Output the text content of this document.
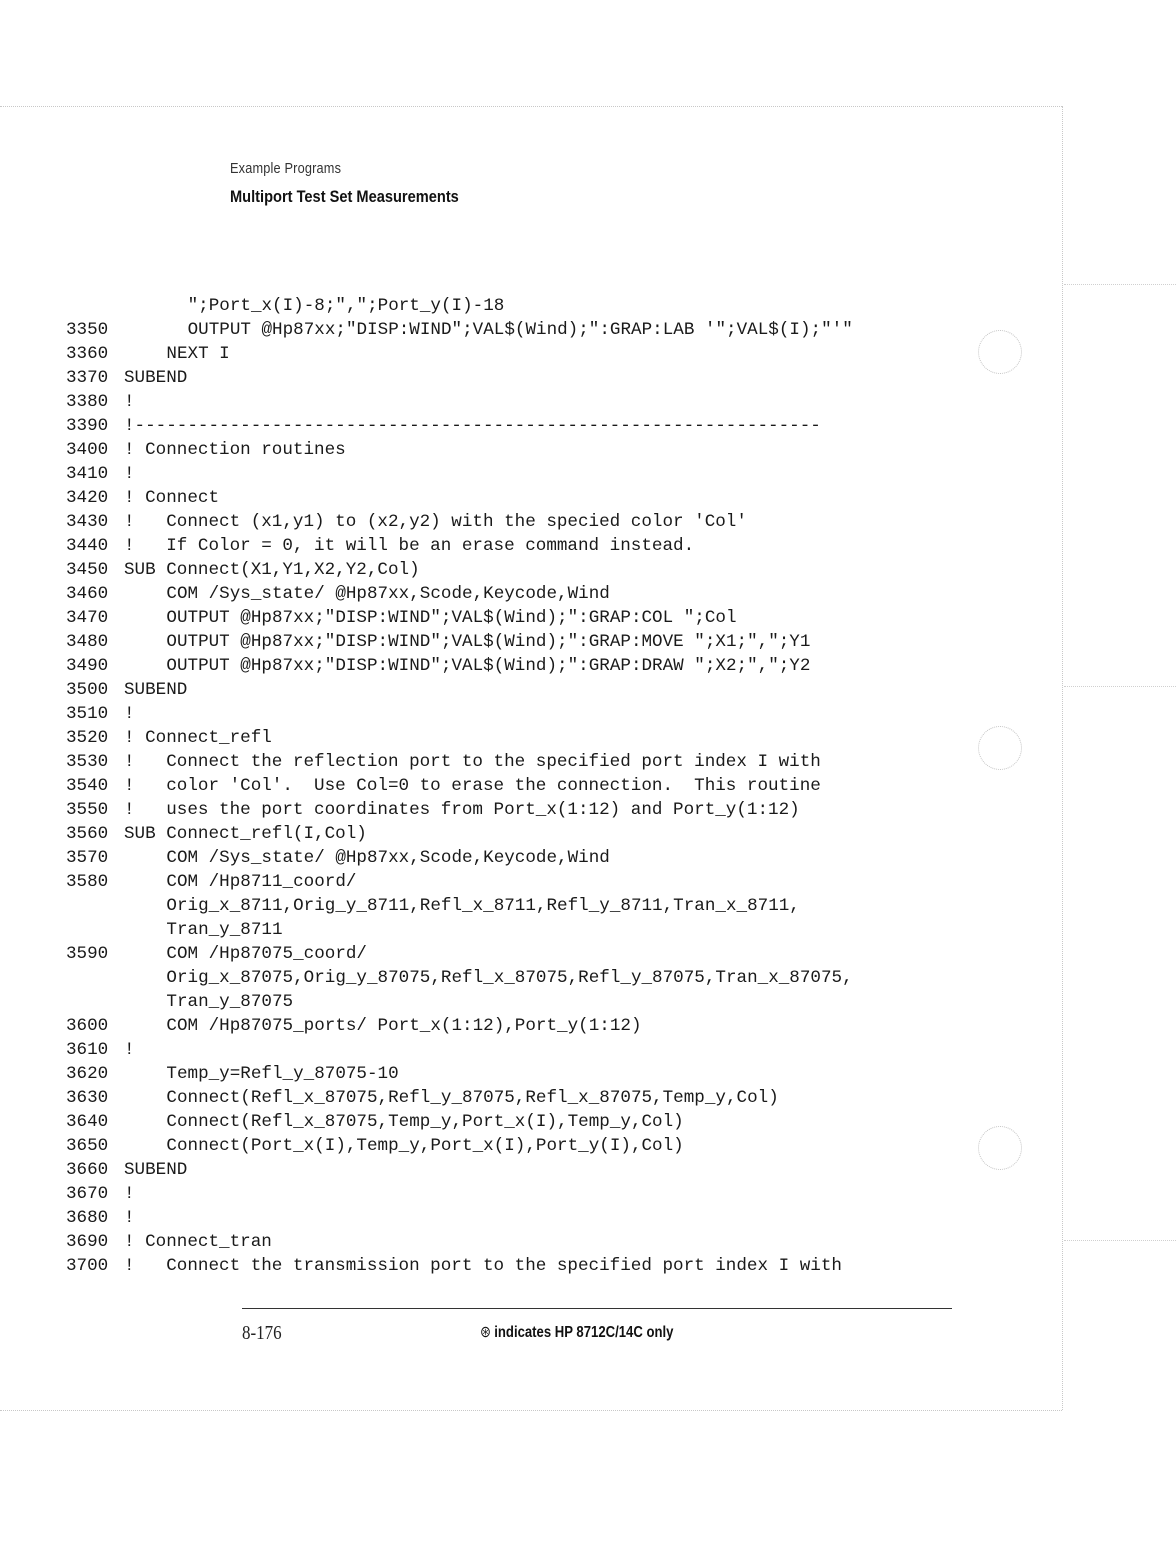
Example Programs
Multiport Test Set Measurements
";Port_x(I)-8;",";Port_y(I)-18
3350	OUTPUT @Hp87xx;"DISP:WIND";VAL$(Wind);":GRAP:LAB '";VAL$(I);"'"
3360	NEXT I
3370 SUBEND
3380 !
3390 !-----------------------------------------------------------------
3400 ! Connection routines
3410 !
3420 ! Connect
3430 !   Connect (x1,y1) to (x2,y2) with the specied color 'Col'
3440 !   If Color = 0, it will be an erase command instead.
3450 SUB Connect(X1,Y1,X2,Y2,Col)
3460	COM /Sys_state/ @Hp87xx,Scode,Keycode,Wind
3470	OUTPUT @Hp87xx;"DISP:WIND";VAL$(Wind);":GRAP:COL ";Col
3480	OUTPUT @Hp87xx;"DISP:WIND";VAL$(Wind);":GRAP:MOVE ";X1;",";Y1
3490	OUTPUT @Hp87xx;"DISP:WIND";VAL$(Wind);":GRAP:DRAW ";X2;",";Y2
3500 SUBEND
3510 !
3520 ! Connect_refl
3530 !   Connect the reflection port to the specified port index I with
3540 !   color 'Col'.  Use Col=0 to erase the connection.  This routine
3550 !   uses the port coordinates from Port_x(1:12) and Port_y(1:12)
3560 SUB Connect_refl(I,Col)
3570	COM /Sys_state/ @Hp87xx,Scode,Keycode,Wind
3580	COM /Hp8711_coord/
Orig_x_8711,Orig_y_8711,Refl_x_8711,Refl_y_8711,Tran_x_8711,
Tran_y_8711
3590	COM /Hp87075_coord/
Orig_x_87075,Orig_y_87075,Refl_x_87075,Refl_y_87075,Tran_x_87075,
Tran_y_87075
3600	COM /Hp87075_ports/ Port_x(1:12),Port_y(1:12)
3610 !
3620	Temp_y=Refl_y_87075-10
3630	Connect(Refl_x_87075,Refl_y_87075,Refl_x_87075,Temp_y,Col)
3640	Connect(Refl_x_87075,Temp_y,Port_x(I),Temp_y,Col)
3650	Connect(Port_x(I),Temp_y,Port_x(I),Port_y(I),Col)
3660 SUBEND
3670 !
3680 !
3690 ! Connect_tran
3700 !   Connect the transmission port to the specified port index I with
8-176	⊛ indicates HP 8712C/14C only
